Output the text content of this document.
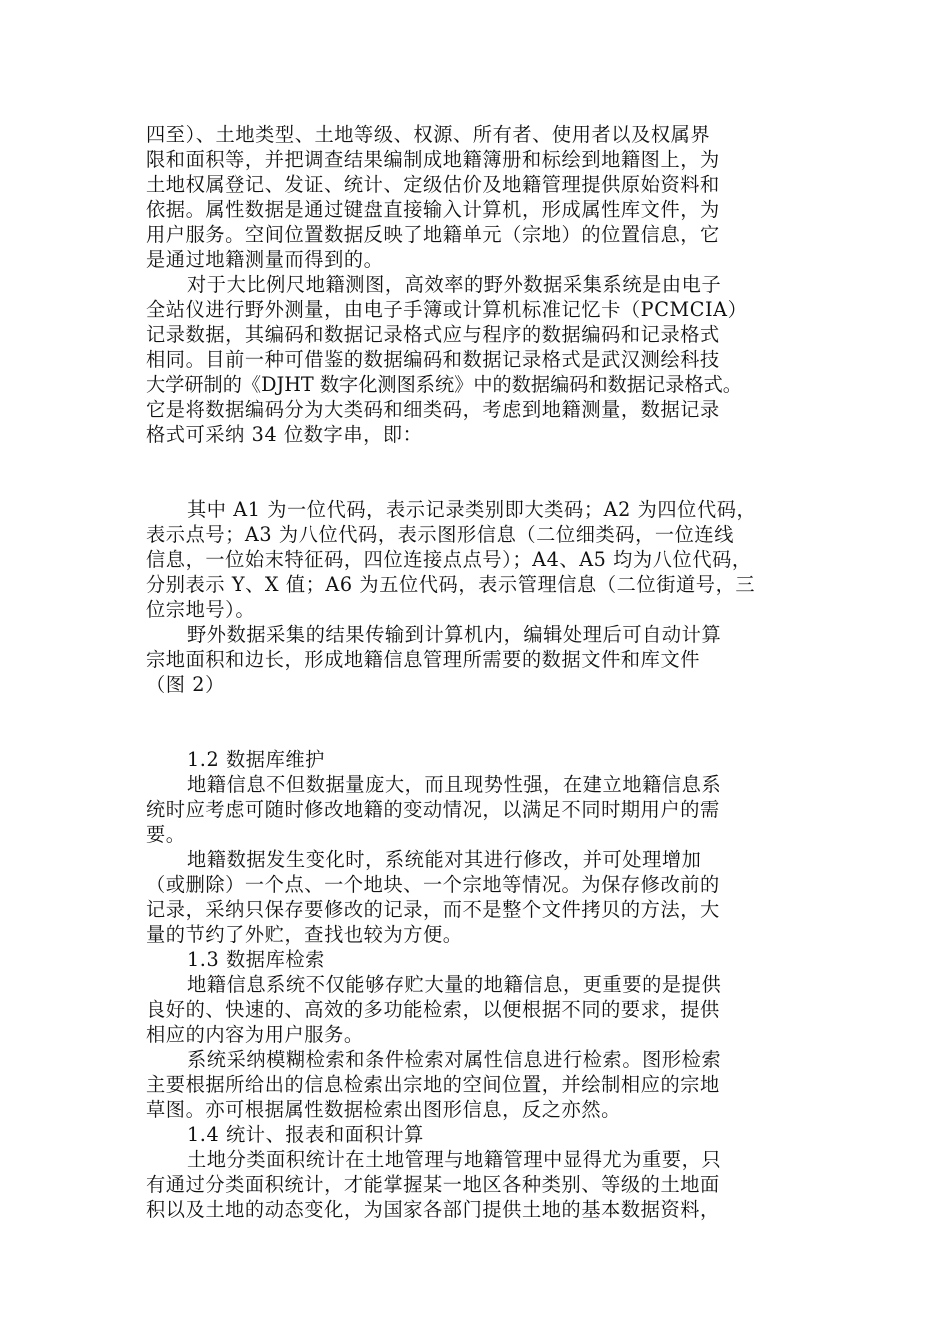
四至）、土地类型、土地等级、权源、所有者、使用者以及权属界
限和面积等，并把调查结果编制成地籍簿册和标绘到地籍图上，为
土地权属登记、发证、统计、定级估价及地籍管理提供原始资料和
依据。属性数据是通过键盘直接输入计算机，形成属性库文件，为
用户服务。空间位置数据反映了地籍单元（宗地）的位置信息，它
是通过地籍测量而得到的。
对于大比例尺地籍测图，高效率的野外数据采集系统是由电子
全站仪进行野外测量，由电子手簿或计算机标准记忆卡（PCMCIA）
记录数据，其编码和数据记录格式应与程序的数据编码和记录格式
相同。目前一种可借鉴的数据编码和数据记录格式是武汉测绘科技
大学研制的《DJHT 数字化测图系统》中的数据编码和数据记录格式。
它是将数据编码分为大类码和细类码，考虑到地籍测量，数据记录
格式可采纳 34 位数字串，即：
其中 A1 为一位代码，表示记录类别即大类码；A2 为四位代码，
表示点号；A3 为八位代码，表示图形信息（二位细类码，一位连线
信息，一位始末特征码，四位连接点点号）；A4、A5 均为八位代码，
分别表示 Y、X 值；A6 为五位代码，表示管理信息（二位街道号，三
位宗地号）。
野外数据采集的结果传输到计算机内，编辑处理后可自动计算
宗地面积和边长，形成地籍信息管理所需要的数据文件和库文件
（图 2）
1.2 数据库维护
地籍信息不但数据量庞大，而且现势性强，在建立地籍信息系
统时应考虑可随时修改地籍的变动情况，以满足不同时期用户的需
要。
地籍数据发生变化时，系统能对其进行修改，并可处理增加
（或删除）一个点、一个地块、一个宗地等情况。为保存修改前的
记录，采纳只保存要修改的记录，而不是整个文件拷贝的方法，大
量的节约了外贮，查找也较为方便。
1.3 数据库检索
地籍信息系统不仅能够存贮大量的地籍信息，更重要的是提供
良好的、快速的、高效的多功能检索，以便根据不同的要求，提供
相应的内容为用户服务。
系统采纳模糊检索和条件检索对属性信息进行检索。图形检索
主要根据所给出的信息检索出宗地的空间位置，并绘制相应的宗地
草图。亦可根据属性数据检索出图形信息，反之亦然。
1.4 统计、报表和面积计算
土地分类面积统计在土地管理与地籍管理中显得尤为重要，只
有通过分类面积统计，才能掌握某一地区各种类别、等级的土地面
积以及土地的动态变化，为国家各部门提供土地的基本数据资料，
